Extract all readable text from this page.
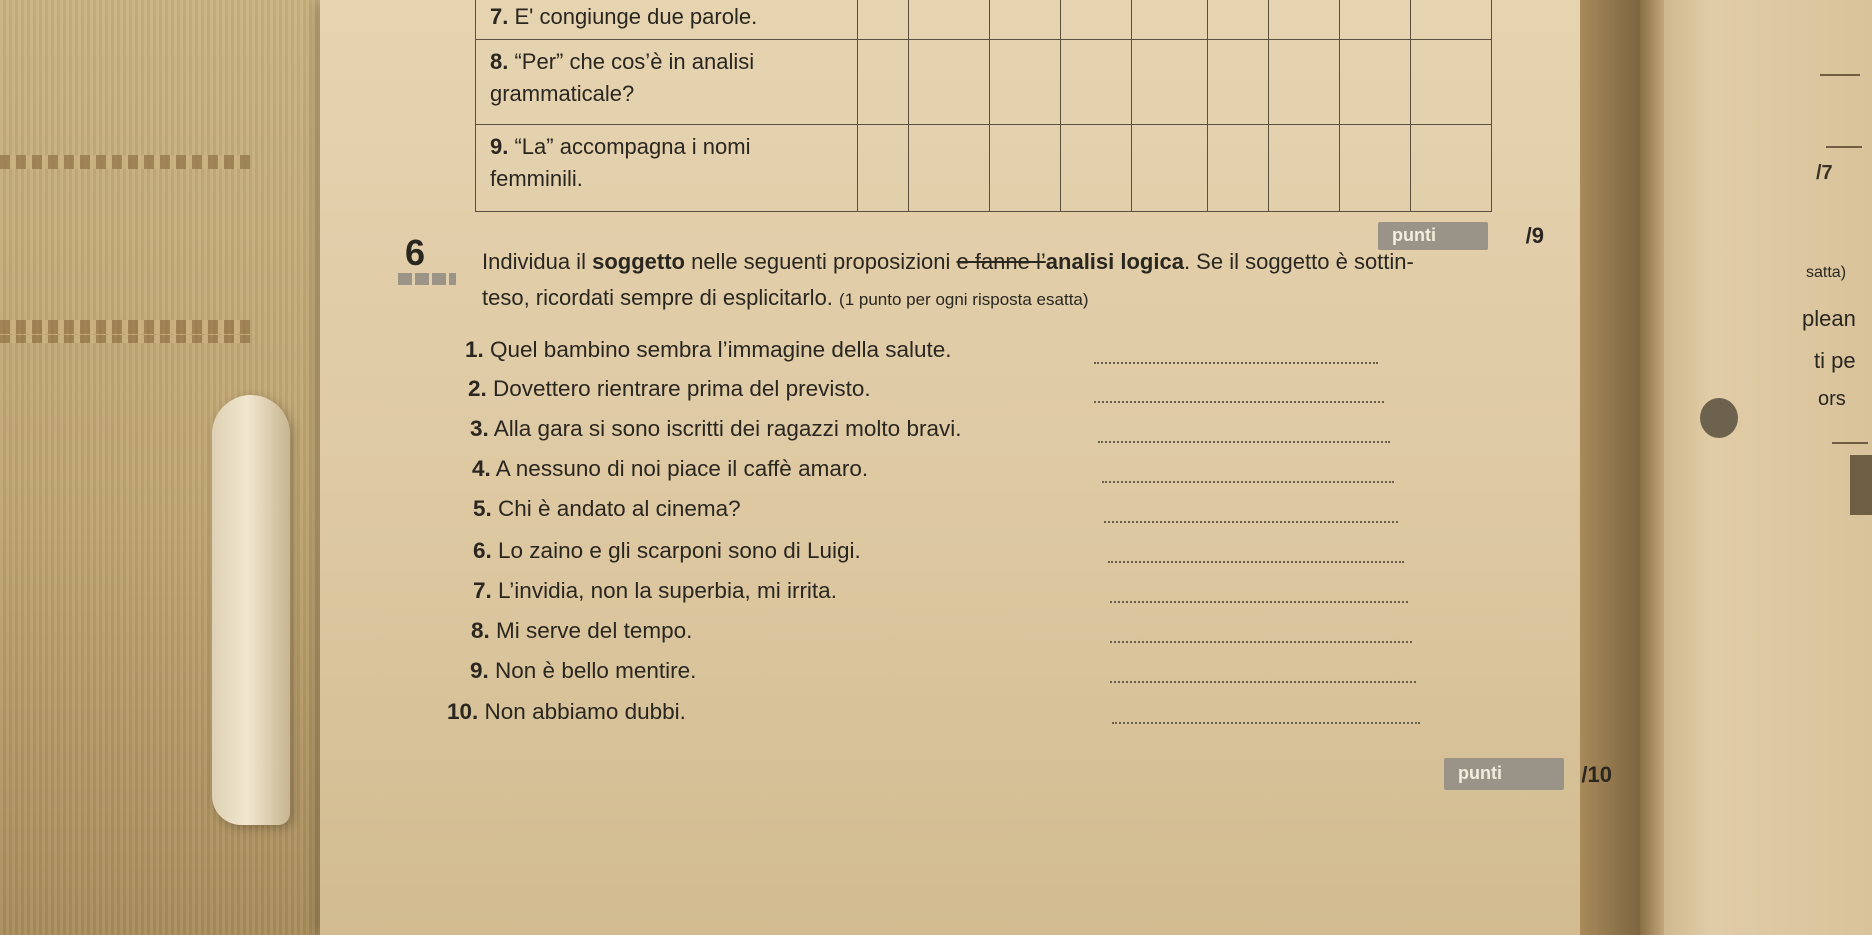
7. E' congiunge due parole.									
8. “Per” che cos’è in analisi grammaticale?									
9. “La” accompagna i nomi femminili.									
punti	/9
6	Individua il soggetto nelle seguenti proposizioni e fanne l’analisi logica. Se il soggetto è sottin-
teso, ricordati sempre di esplicitarlo. (1 punto per ogni risposta esatta)
1. Quel bambino sembra l’immagine della salute.
2. Dovettero rientrare prima del previsto.
3. Alla gara si sono iscritti dei ragazzi molto bravi.
4. A nessuno di noi piace il caffè amaro.
5. Chi è andato al cinema?
6. Lo zaino e gli scarponi sono di Luigi.
7. L’invidia, non la superbia, mi irrita.
8. Mi serve del tempo.
9. Non è bello mentire.
10. Non abbiamo dubbi.
punti	/10
/7
satta)
plean
ti pe
ors
